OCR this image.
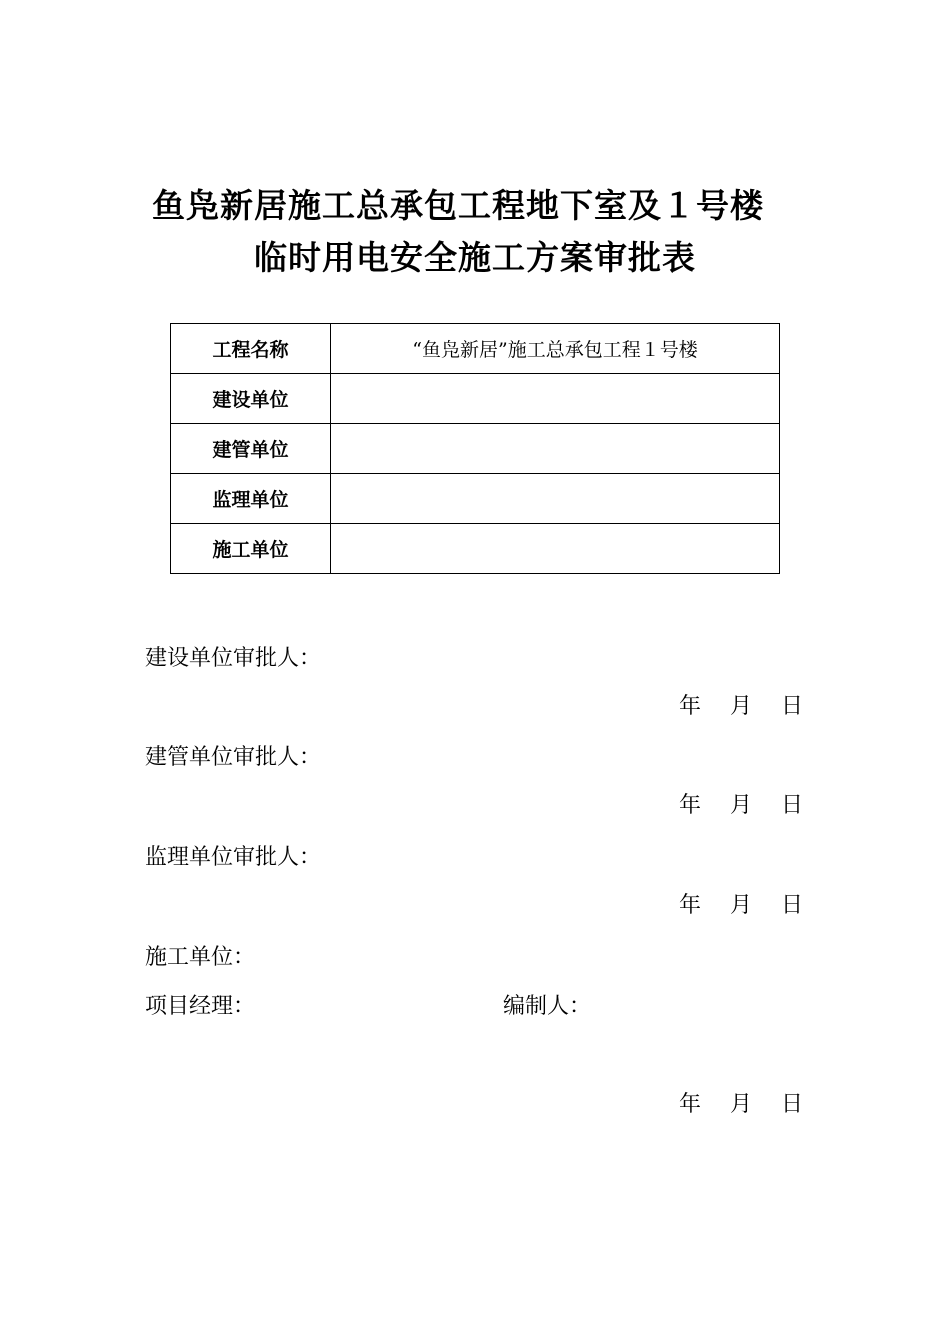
鱼凫新居施工总承包工程地下室及１号楼
临时用电安全施工方案审批表
工程名称	“鱼凫新居”施工总承包工程１号楼
建设单位	
建管单位	
监理单位	
施工单位	
建设单位审批人：
年 月 日
建管单位审批人：
年 月 日
监理单位审批人：
年 月 日
施工单位：
项目经理：	编制人：
年 月 日
